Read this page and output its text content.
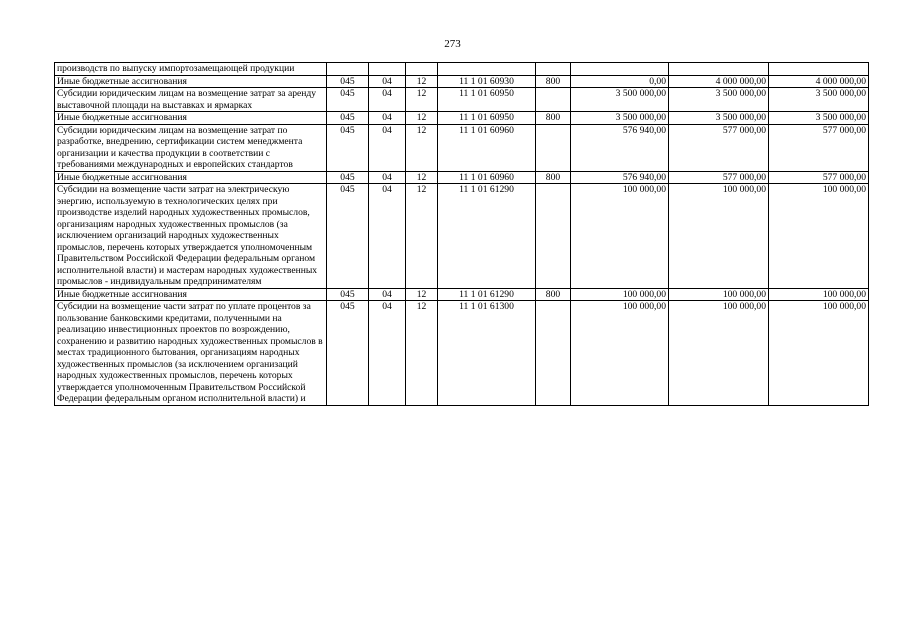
273
производств по выпуску импортозамещающей продукции								
Иные бюджетные ассигнования	045	04	12	11 1 01 60930	800	0,00	4 000 000,00	4 000 000,00
Субсидии юридическим лицам на возмещение затрат за аренду выставочной площади на выставках и ярмарках	045	04	12	11 1 01 60950		3 500 000,00	3 500 000,00	3 500 000,00
Иные бюджетные ассигнования	045	04	12	11 1 01 60950	800	3 500 000,00	3 500 000,00	3 500 000,00
Субсидии юридическим лицам на возмещение затрат по разработке, внедрению, сертификации систем менеджмента организации и качества продукции в соответствии с требованиями международных и европейских стандартов	045	04	12	11 1 01 60960		576 940,00	577 000,00	577 000,00
Иные бюджетные ассигнования	045	04	12	11 1 01 60960	800	576 940,00	577 000,00	577 000,00
Субсидии на возмещение части затрат на электрическую энергию, используемую в технологических целях при производстве изделий народных художественных промыслов, организациям народных художественных промыслов (за исключением организаций народных художественных промыслов, перечень которых утверждается уполномоченным Правительством Российской Федерации федеральным органом исполнительной власти) и мастерам народных художественных промыслов - индивидуальным предпринимателям	045	04	12	11 1 01 61290		100 000,00	100 000,00	100 000,00
Иные бюджетные ассигнования	045	04	12	11 1 01 61290	800	100 000,00	100 000,00	100 000,00
Субсидии на возмещение части затрат по уплате процентов за пользование банковскими кредитами, полученными на реализацию инвестиционных проектов по возрождению, сохранению и развитию народных художественных промыслов в местах традиционного бытования, организациям народных художественных промыслов (за исключением организаций народных художественных промыслов, перечень которых утверждается уполномоченным Правительством Российской Федерации федеральным органом исполнительной власти) и	045	04	12	11 1 01 61300		100 000,00	100 000,00	100 000,00
